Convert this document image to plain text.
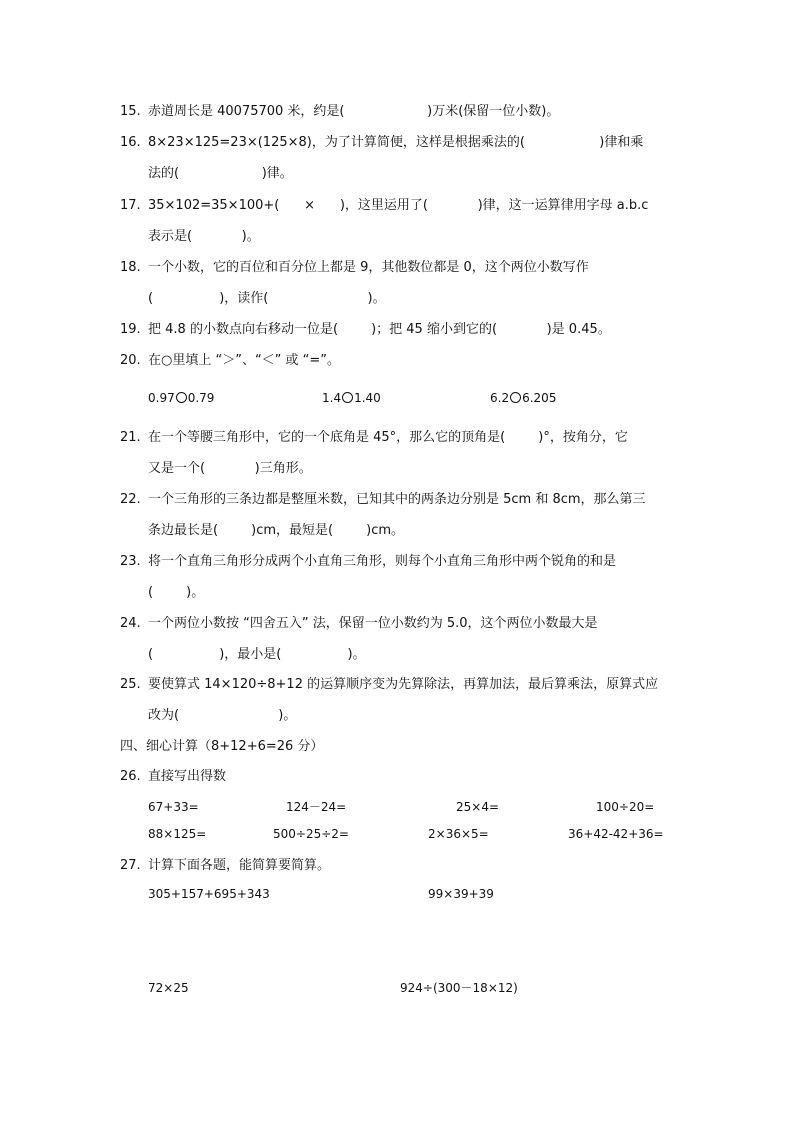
15. 赤道周长是 40075700 米，约是(                    )万米(保留一位小数)。
16. 8×23×125=23×(125×8)，为了计算简便，这样是根据乘法的(                  )律和乘
法的(                    )律。
17. 35×102=35×100+(      ×      )，这里运用了(            )律，这一运算律用字母 a.b.c
表示是(            )。
18. 一个小数，它的百位和百分位上都是 9，其他数位都是 0，这个两位小数写作
(                )，读作(                        )。
19. 把 4.8 的小数点向右移动一位是(        )；把 45 缩小到它的(            )是 0.45。
20. 在○里填上 “＞”、“＜” 或 “=”。
0.97 0.79	1.4 1.40	6.2 6.205
21. 在一个等腰三角形中，它的一个底角是 45°，那么它的顶角是(        )°，按角分，它
又是一个(            )三角形。
22. 一个三角形的三条边都是整厘米数，已知其中的两条边分别是 5cm 和 8cm，那么第三
条边最长是(        )cm，最短是(        )cm。
23. 将一个直角三角形分成两个小直角三角形，则每个小直角三角形中两个锐角的和是
(        )。
24. 一个两位小数按 “四舍五入” 法，保留一位小数约为 5.0，这个两位小数最大是
(                )，最小是(                )。
25. 要使算式 14×120÷8+12 的运算顺序变为先算除法，再算加法，最后算乘法，原算式应
改为(                        )。
四、细心计算（8+12+6=26 分）
26. 直接写出得数
67+33=	124－24=	25×4=	100÷20=
88×125=	500÷25÷2=	2×36×5=	36+42-42+36=
27. 计算下面各题，能简算要简算。
305+157+695+343	99×39+39
72×25	924÷(300－18×12)
